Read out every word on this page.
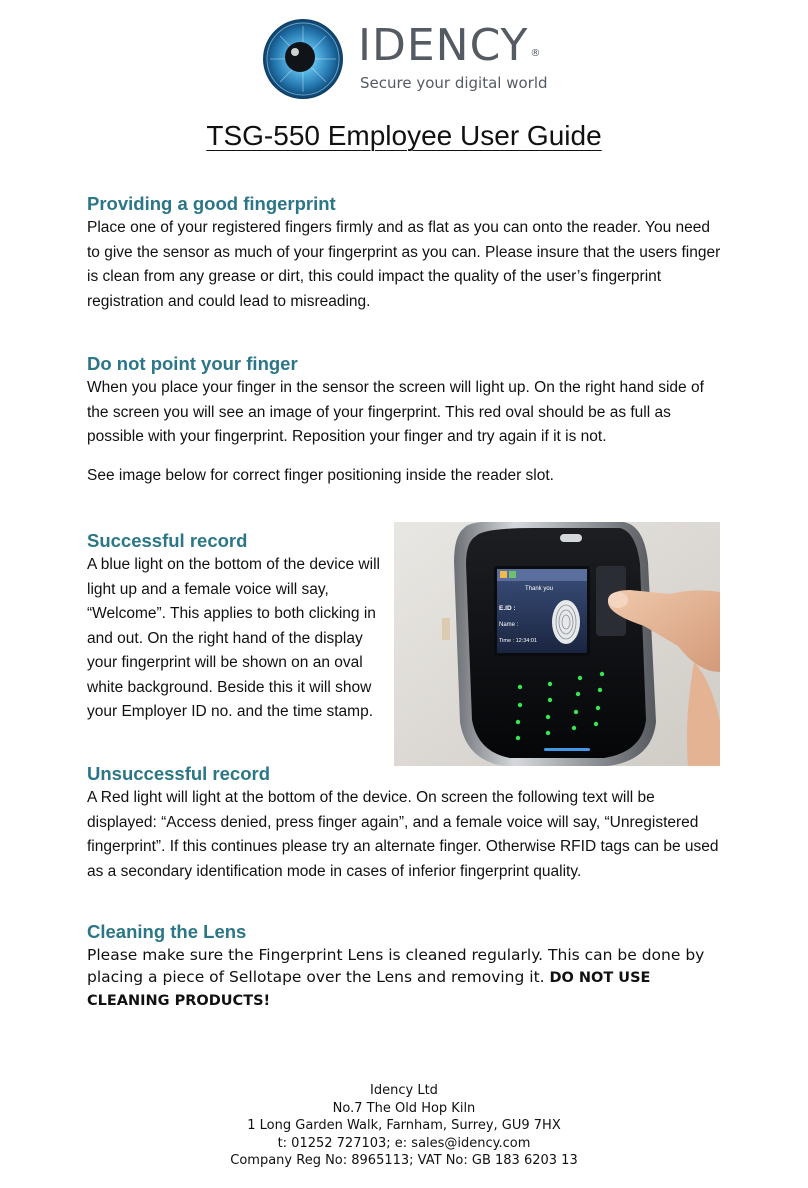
IDENCY ®
Secure your digital world
TSG-550 Employee User Guide
Providing a good fingerprint

Place one of your registered fingers firmly and as flat as you can onto the reader. You need to give the sensor as much of your fingerprint as you can. Please insure that the users finger is clean from any grease or dirt, this could impact the quality of the user’s fingerprint registration and could lead to misreading.

Do not point your finger

When you place your finger in the sensor the screen will light up. On the right hand side of the screen you will see an image of your fingerprint. This red oval should be as full as possible with your fingerprint. Reposition your finger and try again if it is not.

See image below for correct finger positioning inside the reader slot.

Successful record

A blue light on the bottom of the device will light up and a female voice will say, “Welcome”. This applies to both clicking in and out. On the right hand of the display your fingerprint will be shown on an oval white background. Beside this it will show your Employer ID no. and the time stamp.

Thank you
E.ID :
Name :
Time : 12:34:01
Unsuccessful record

A Red light will light at the bottom of the device. On screen the following text will be displayed: “Access denied, press finger again”, and a female voice will say, “Unregistered fingerprint”. If this continues please try an alternate finger. Otherwise RFID tags can be used as a secondary identification mode in cases of inferior fingerprint quality.

Cleaning the Lens

Please make sure the Fingerprint Lens is cleaned regularly. This can be done by placing a piece of Sellotape over the Lens and removing it. DO NOT USE CLEANING PRODUCTS!

Idency Ltd
No.7 The Old Hop Kiln
1 Long Garden Walk, Farnham, Surrey, GU9 7HX
t: 01252 727103; e: sales@idency.com
Company Reg No: 8965113; VAT No: GB 183 6203 13
